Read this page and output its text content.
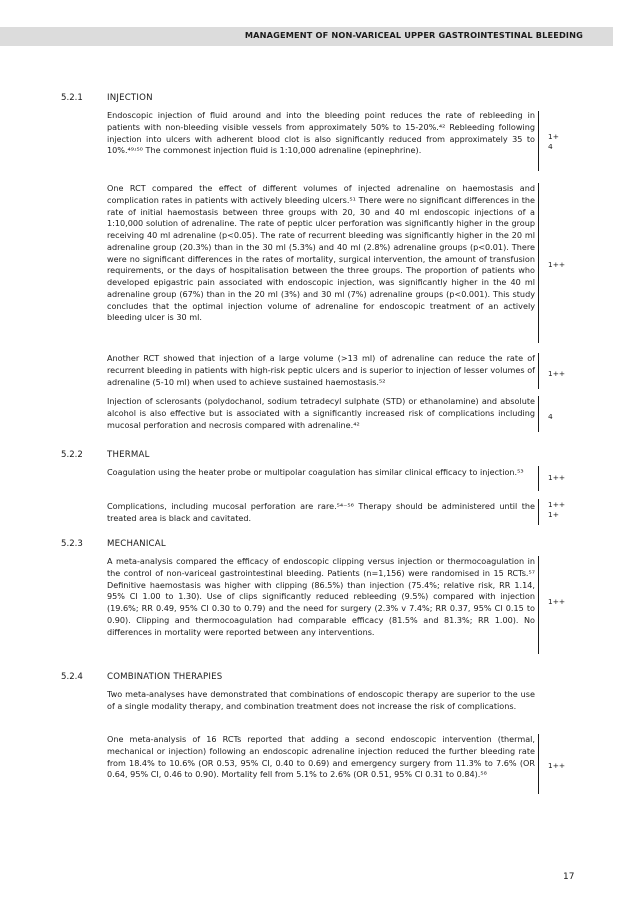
MANAGEMENT OF NON-VARICEAL UPPER GASTROINTESTINAL BLEEDING
5.2.1	INJECTION
Endoscopic injection of fluid around and into the bleeding point reduces the rate of rebleeding in patients with non-bleeding visible vessels from approximately 50% to 15-20%.⁴² Rebleeding following injection into ulcers with adherent blood clot is also significantly reduced from approximately 35 to 10%.⁴⁹ʴ⁵⁰ The commonest injection fluid is 1:10,000 adrenaline (epinephrine).
1+
4
One RCT compared the effect of different volumes of injected adrenaline on haemostasis and complication rates in patients with actively bleeding ulcers.⁵¹ There were no significant differences in the rate of initial haemostasis between three groups with 20, 30 and 40 ml endoscopic injections of a 1:10,000 solution of adrenaline. The rate of peptic ulcer perforation was significantly higher in the group receiving 40 ml adrenaline (p<0.05). The rate of recurrent bleeding was significantly higher in the 20 ml adrenaline group (20.3%) than in the 30 ml (5.3%) and 40 ml (2.8%) adrenaline groups (p<0.01). There were no significant differences in the rates of mortality, surgical intervention, the amount of transfusion requirements, or the days of hospitalisation between the three groups. The proportion of patients who developed epigastric pain associated with endoscopic injection, was significantly higher in the 40 ml adrenaline group (67%) than in the 20 ml (3%) and 30 ml (7%) adrenaline groups (p<0.001). This study concludes that the optimal injection volume of adrenaline for endoscopic treatment of an actively bleeding ulcer is 30 ml.
1++
Another RCT showed that injection of a large volume (>13 ml) of adrenaline can reduce the rate of recurrent bleeding in patients with high-risk peptic ulcers and is superior to injection of lesser volumes of adrenaline (5-10 ml) when used to achieve sustained haemostasis.⁵²
1++
Injection of sclerosants (polydochanol, sodium tetradecyl sulphate (STD) or ethanolamine) and absolute alcohol is also effective but is associated with a significantly increased risk of complications including mucosal perforation and necrosis compared with adrenaline.⁴²
4
5.2.2	THERMAL
Coagulation using the heater probe or multipolar coagulation has similar clinical efficacy to injection.⁵³
1++
Complications, including mucosal perforation are rare.⁵⁴⁻⁵⁶ Therapy should be administered until the treated area is black and cavitated.
1++
1+
5.2.3	MECHANICAL
A meta-analysis compared the efficacy of endoscopic clipping versus injection or thermocoagulation in the control of non-variceal gastrointestinal bleeding. Patients (n=1,156) were randomised in 15 RCTs.⁵⁷ Definitive haemostasis was higher with clipping (86.5%) than injection (75.4%; relative risk, RR 1.14, 95% CI 1.00 to 1.30). Use of clips significantly reduced rebleeding (9.5%) compared with injection (19.6%; RR 0.49, 95% CI 0.30 to 0.79) and the need for surgery (2.3% v 7.4%; RR 0.37, 95% CI 0.15 to 0.90). Clipping and thermocoagulation had comparable efficacy (81.5% and 81.3%; RR 1.00). No differences in mortality were reported between any interventions.
1++
5.2.4	COMBINATION THERAPIES
Two meta-analyses have demonstrated that combinations of endoscopic therapy are superior to the use of a single modality therapy, and combination treatment does not increase the risk of complications.
One meta-analysis of 16 RCTs reported that adding a second endoscopic intervention (thermal, mechanical or injection) following an endoscopic adrenaline injection reduced the further bleeding rate from 18.4% to 10.6% (OR 0.53, 95% CI, 0.40 to 0.69) and emergency surgery from 11.3% to 7.6% (OR 0.64, 95% CI, 0.46 to 0.90). Mortality fell from 5.1% to 2.6% (OR 0.51, 95% CI 0.31 to 0.84).⁵⁸
1++
17
